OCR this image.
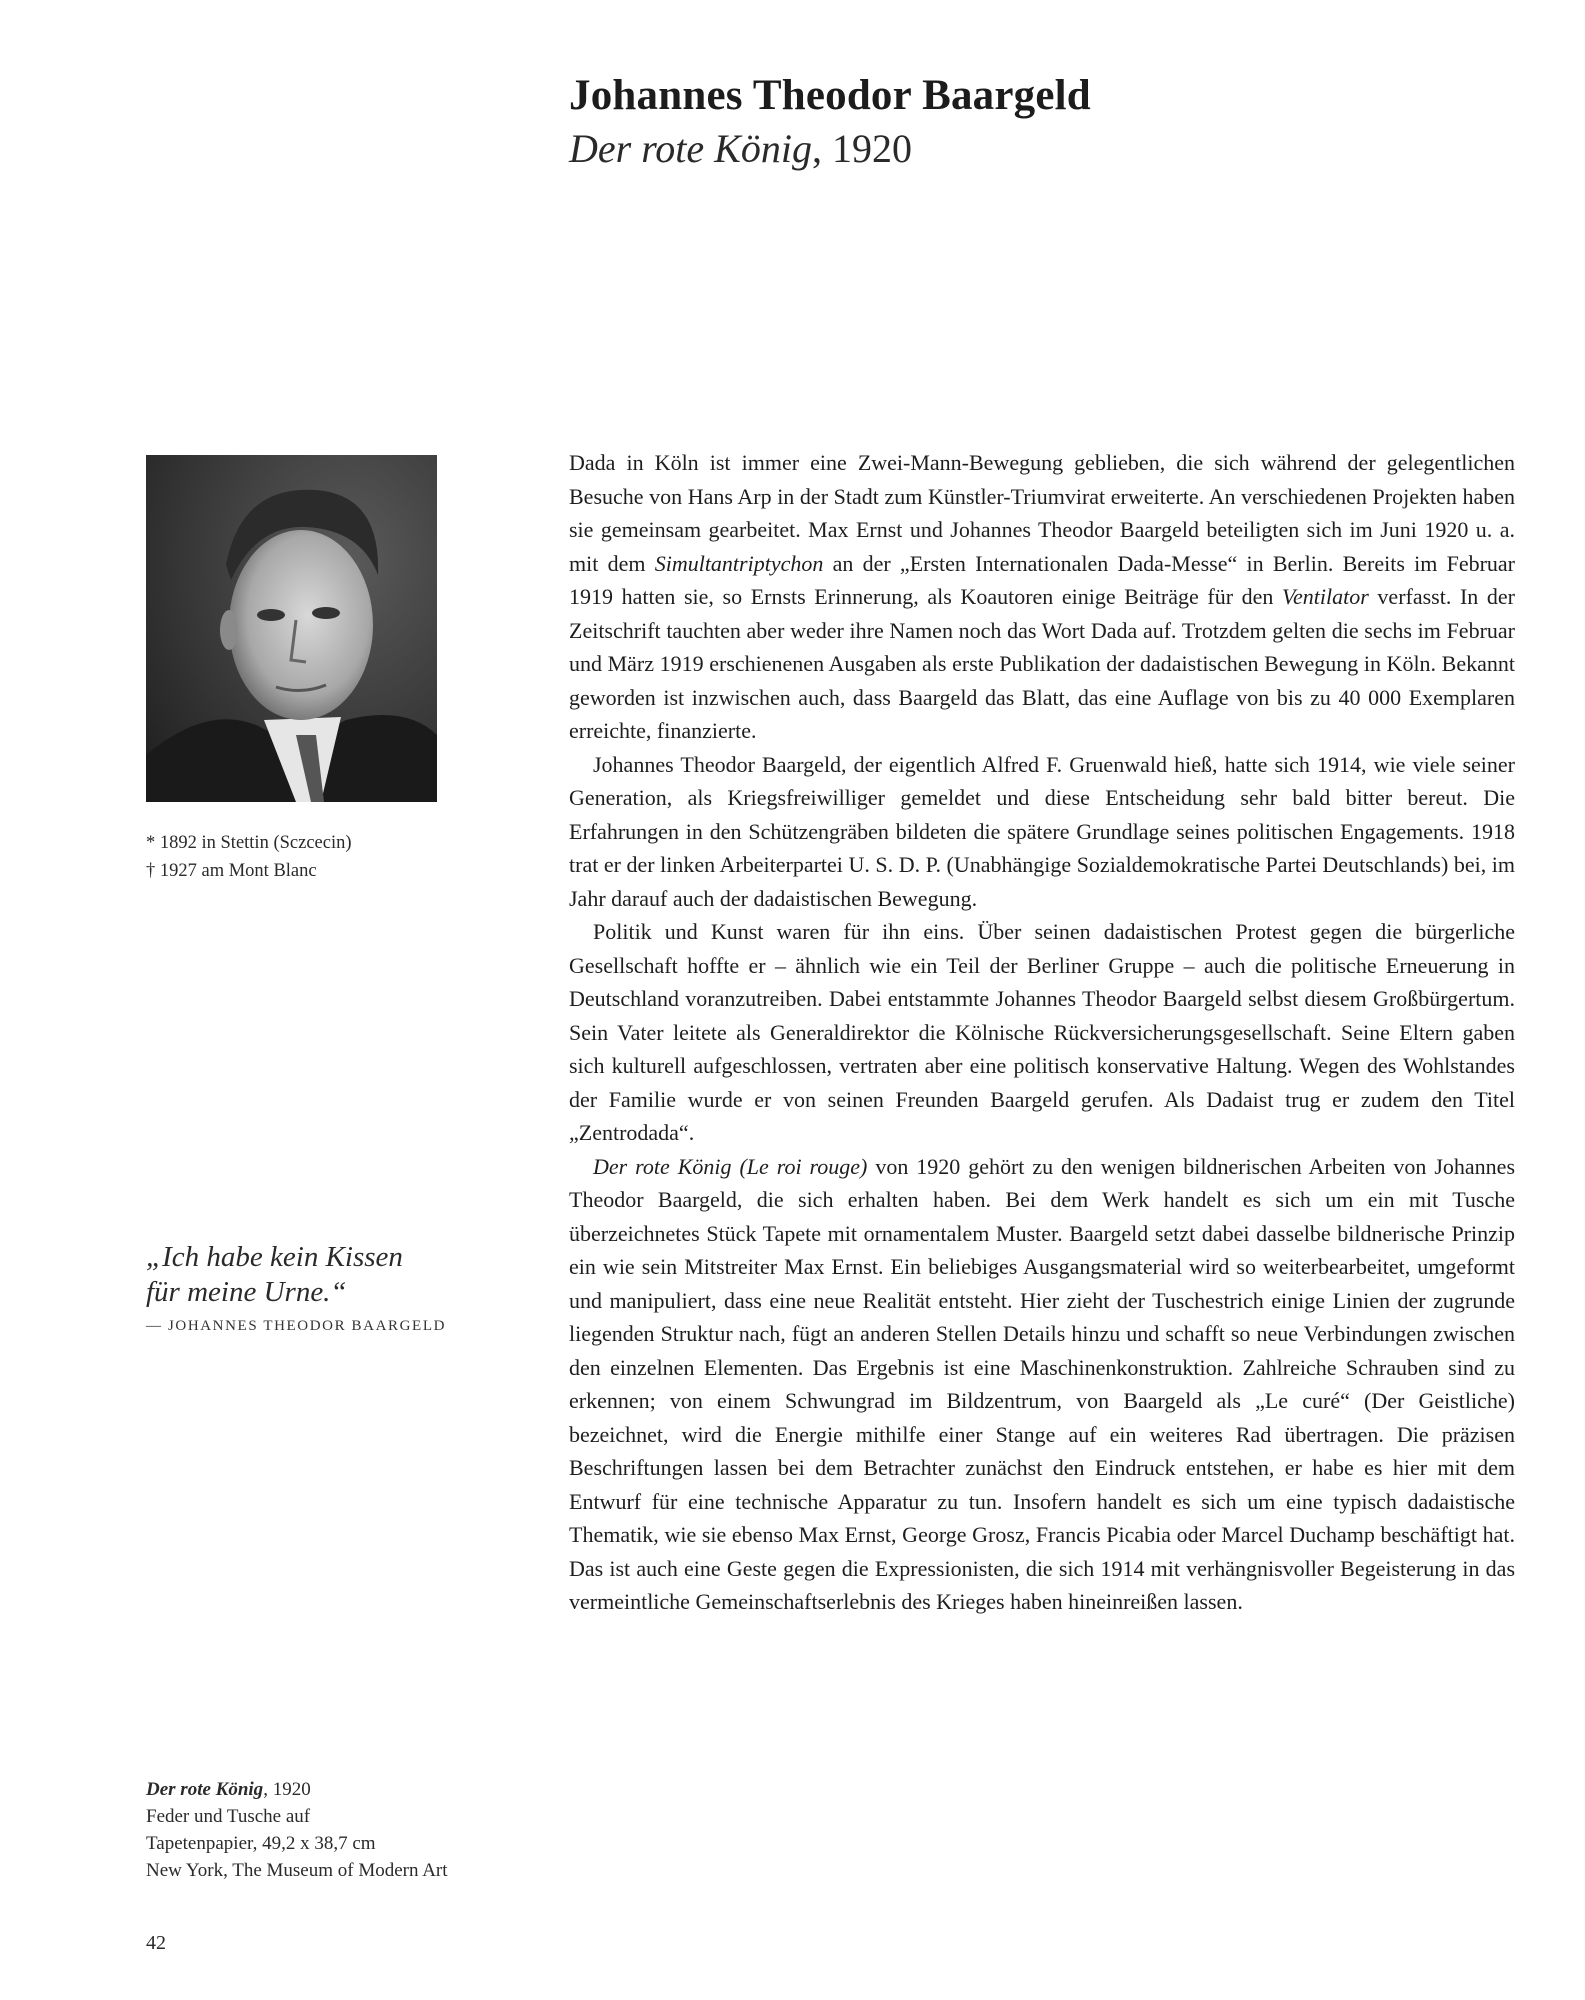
Johannes Theodor Baargeld
Der rote König, 1920
* 1892 in Stettin (Sczcecin)
† 1927 am Mont Blanc

„Ich habe kein Kissen
für meine Urne.“

— JOHANNES THEODOR BAARGELD
Der rote König, 1920
Feder und Tusche auf
Tapetenpapier, 49,2 x 38,7 cm
New York, The Museum of Modern Art
42

Dada in Köln ist immer eine Zwei-Mann-Bewegung geblieben, die sich während der gelegentlichen Besuche von Hans Arp in der Stadt zum Künstler-Triumvirat erweiterte. An verschiedenen Projekten haben sie gemeinsam gearbeitet. Max Ernst und Johannes Theodor Baargeld beteiligten sich im Juni 1920 u. a. mit dem Simultantriptychon an der „Ersten Internationalen Dada-Messe“ in Berlin. Bereits im Februar 1919 hatten sie, so Ernsts Erinnerung, als Koautoren einige Beiträge für den Ventilator verfasst. In der Zeitschrift tauchten aber weder ihre Namen noch das Wort Dada auf. Trotzdem gelten die sechs im Februar und März 1919 erschienenen Ausgaben als erste Publikation der dadaistischen Bewegung in Köln. Bekannt geworden ist inzwischen auch, dass Baargeld das Blatt, das eine Auflage von bis zu 40 000 Exemplaren erreichte, finanzierte.

Johannes Theodor Baargeld, der eigentlich Alfred F. Gruenwald hieß, hatte sich 1914, wie viele seiner Generation, als Kriegsfreiwilliger gemeldet und diese Entscheidung sehr bald bitter bereut. Die Erfahrungen in den Schützengräben bildeten die spätere Grundlage seines politischen Engagements. 1918 trat er der linken Arbeiterpartei U. S. D. P. (Unabhängige Sozialdemokratische Partei Deutschlands) bei, im Jahr darauf auch der dadaistischen Bewegung.

Politik und Kunst waren für ihn eins. Über seinen dadaistischen Protest gegen die bürgerliche Gesellschaft hoffte er – ähnlich wie ein Teil der Berliner Gruppe – auch die politische Erneuerung in Deutschland voranzutreiben. Dabei entstammte Johannes Theodor Baargeld selbst diesem Großbürgertum. Sein Vater leitete als Generaldirektor die Kölnische Rückversicherungsgesellschaft. Seine Eltern gaben sich kulturell aufgeschlossen, vertraten aber eine politisch konservative Haltung. Wegen des Wohlstandes der Familie wurde er von seinen Freunden Baargeld gerufen. Als Dadaist trug er zudem den Titel „Zentrodada“.

Der rote König (Le roi rouge) von 1920 gehört zu den wenigen bildnerischen Arbeiten von Johannes Theodor Baargeld, die sich erhalten haben. Bei dem Werk handelt es sich um ein mit Tusche überzeichnetes Stück Tapete mit ornamentalem Muster. Baargeld setzt dabei dasselbe bildnerische Prinzip ein wie sein Mitstreiter Max Ernst. Ein beliebiges Ausgangsmaterial wird so weiterbearbeitet, umgeformt und manipuliert, dass eine neue Realität entsteht. Hier zieht der Tuschestrich einige Linien der zugrunde liegenden Struktur nach, fügt an anderen Stellen Details hinzu und schafft so neue Verbindungen zwischen den einzelnen Elementen. Das Ergebnis ist eine Maschinenkonstruktion. Zahlreiche Schrauben sind zu erkennen; von einem Schwungrad im Bildzentrum, von Baargeld als „Le curé“ (Der Geistliche) bezeichnet, wird die Energie mithilfe einer Stange auf ein weiteres Rad übertragen. Die präzisen Beschriftungen lassen bei dem Betrachter zunächst den Eindruck entstehen, er habe es hier mit dem Entwurf für eine technische Apparatur zu tun. Insofern handelt es sich um eine typisch dadaistische Thematik, wie sie ebenso Max Ernst, George Grosz, Francis Picabia oder Marcel Duchamp beschäftigt hat. Das ist auch eine Geste gegen die Expressionisten, die sich 1914 mit verhängnisvoller Begeisterung in das vermeintliche Gemeinschaftserlebnis des Krieges haben hineinreißen lassen.
